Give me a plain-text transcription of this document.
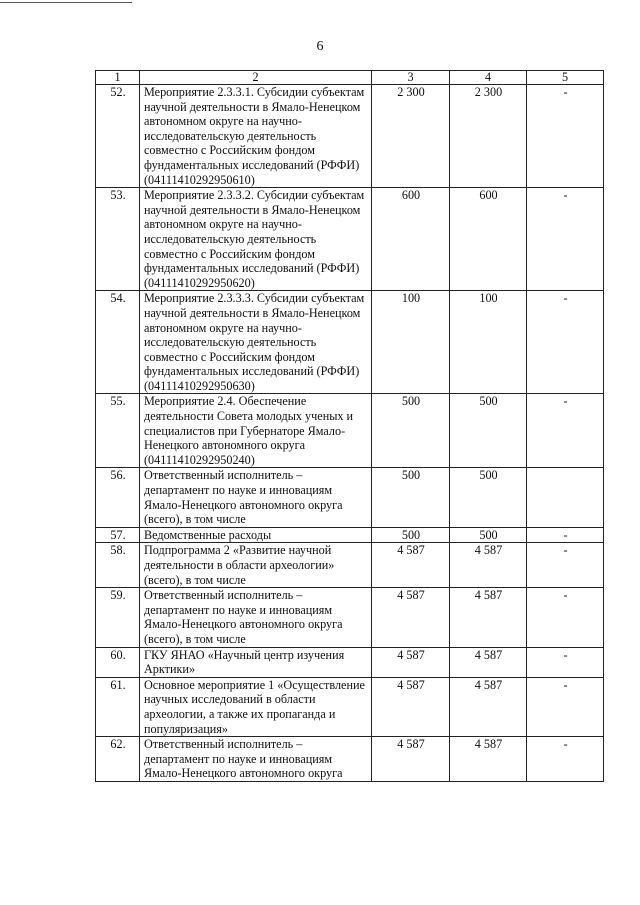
6
1	2	3	4	5
52.	Мероприятие 2.3.3.1. Субсидии субъектам научной деятельности в Ямало-Ненецком автономном округе на научно-исследовательскую деятельность совместно с Российским фондом фундаментальных исследований (РФФИ) (04111410292950610)	2 300	2 300	-
53.	Мероприятие 2.3.3.2. Субсидии субъектам научной деятельности в Ямало-Ненецком автономном округе на научно-исследовательскую деятельность совместно с Российским фондом фундаментальных исследований (РФФИ) (04111410292950620)	600	600	-
54.	Мероприятие 2.3.3.3. Субсидии субъектам научной деятельности в Ямало-Ненецком автономном округе на научно-исследовательскую деятельность совместно с Российским фондом фундаментальных исследований (РФФИ) (04111410292950630)	100	100	-
55.	Мероприятие 2.4. Обеспечение деятельности Совета молодых ученых и специалистов при Губернаторе Ямало-Ненецкого автономного округа (04111410292950240)	500	500	-
56.	Ответственный исполнитель – департамент по науке и инновациям Ямало-Ненецкого автономного округа (всего), в том числе	500	500	
57.	Ведомственные расходы	500	500	-
58.	Подпрограмма 2 «Развитие научной деятельности в области археологии» (всего), в том числе	4 587	4 587	-
59.	Ответственный исполнитель – департамент по науке и инновациям Ямало-Ненецкого автономного округа (всего), в том числе	4 587	4 587	-
60.	ГКУ ЯНАО «Научный центр изучения Арктики»	4 587	4 587	-
61.	Основное мероприятие 1 «Осуществление научных исследований в области археологии, а также их пропаганда и популяризация»	4 587	4 587	-
62.	Ответственный исполнитель – департамент по науке и инновациям Ямало-Ненецкого автономного округа	4 587	4 587	-
